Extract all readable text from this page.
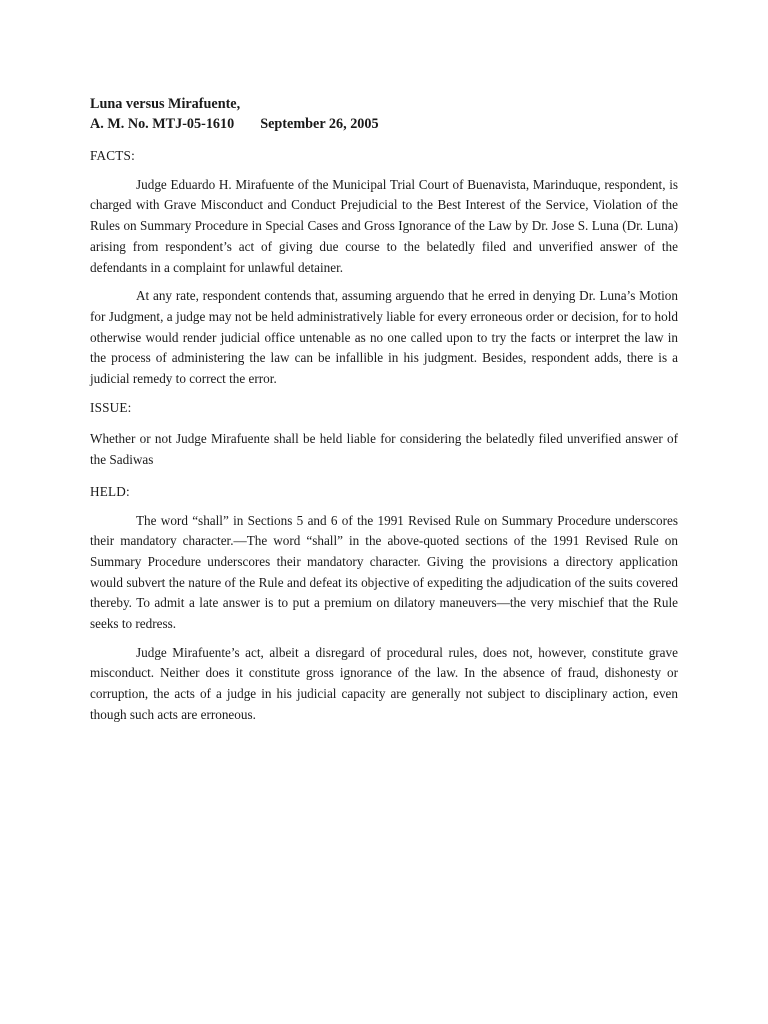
Luna versus Mirafuente,

A. M. No. MTJ-05-1610 September 26, 2005

FACTS:

Judge Eduardo H. Mirafuente of the Municipal Trial Court of Buenavista, Marinduque, respondent, is charged with Grave Misconduct and Conduct Prejudicial to the Best Interest of the Service, Violation of the Rules on Summary Procedure in Special Cases and Gross Ignorance of the Law by Dr. Jose S. Luna (Dr. Luna) arising from respondent’s act of giving due course to the belatedly filed and unverified answer of the defendants in a complaint for unlawful detainer.

At any rate, respondent contends that, assuming arguendo that he erred in denying Dr. Luna’s Motion for Judgment, a judge may not be held administratively liable for every erroneous order or decision, for to hold otherwise would render judicial office untenable as no one called upon to try the facts or interpret the law in the process of administering the law can be infallible in his judgment. Besides, respondent adds, there is a judicial remedy to correct the error.

ISSUE:

Whether or not Judge Mirafuente shall be held liable for considering the belatedly filed unverified answer of the Sadiwas

HELD:

The word “shall” in Sections 5 and 6 of the 1991 Revised Rule on Summary Procedure underscores their mandatory character.—The word “shall” in the above-quoted sections of the 1991 Revised Rule on Summary Procedure underscores their mandatory character. Giving the provisions a directory application would subvert the nature of the Rule and defeat its objective of expediting the adjudication of the suits covered thereby. To admit a late answer is to put a premium on dilatory maneuvers—the very mischief that the Rule seeks to redress.

Judge Mirafuente’s act, albeit a disregard of procedural rules, does not, however, constitute grave misconduct. Neither does it constitute gross ignorance of the law. In the absence of fraud, dishonesty or corruption, the acts of a judge in his judicial capacity are generally not subject to disciplinary action, even though such acts are erroneous.
